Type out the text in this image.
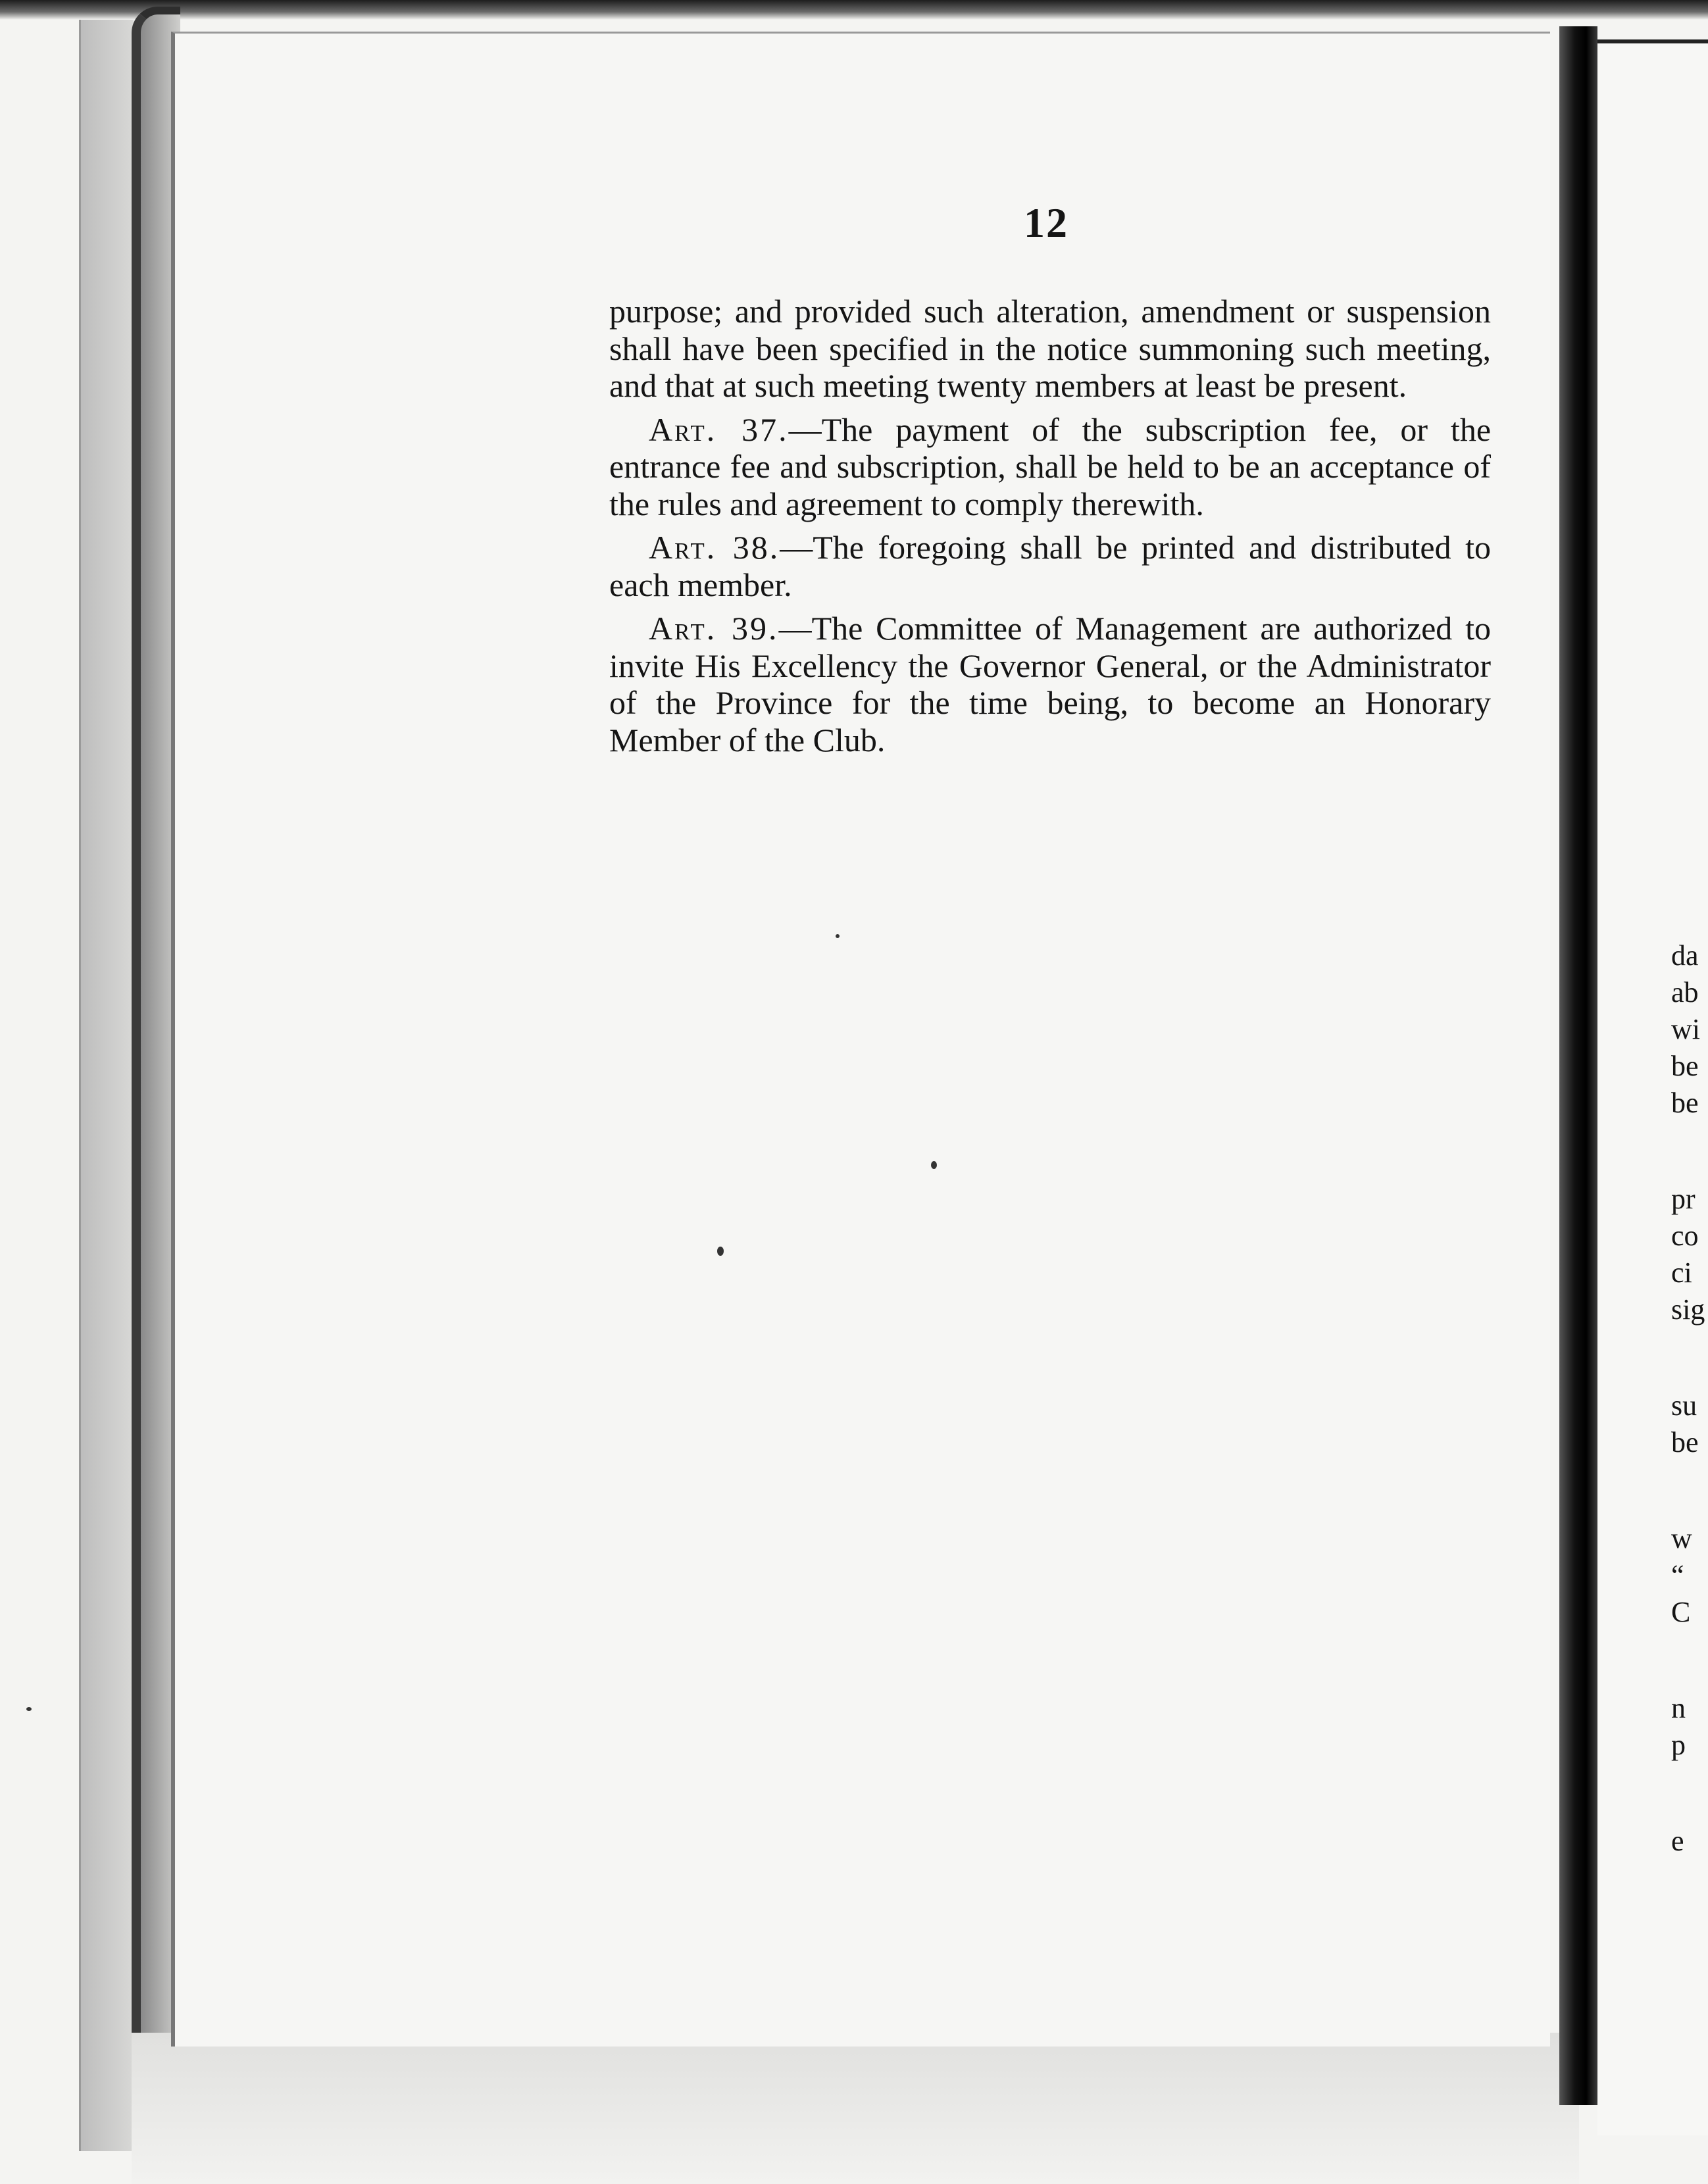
12

purpose; and provided such alteration, amendment or suspension shall have been specified in the notice summoning such meeting, and that at such meeting twenty members at least be present.

Art. 37.—The payment of the subscription fee, or the entrance fee and subscription, shall be held to be an acceptance of the rules and agreement to comply therewith.

Art. 38.—The foregoing shall be printed and distributed to each member.

Art. 39.—The Committee of Management are authorized to invite His Excellency the Governor General, or the Administrator of the Province for the time being, to become an Honorary Member of the Club.

da
ab
wi
be
be
pr
co
ci
sig
su
be
w
“
C
n
p
e
